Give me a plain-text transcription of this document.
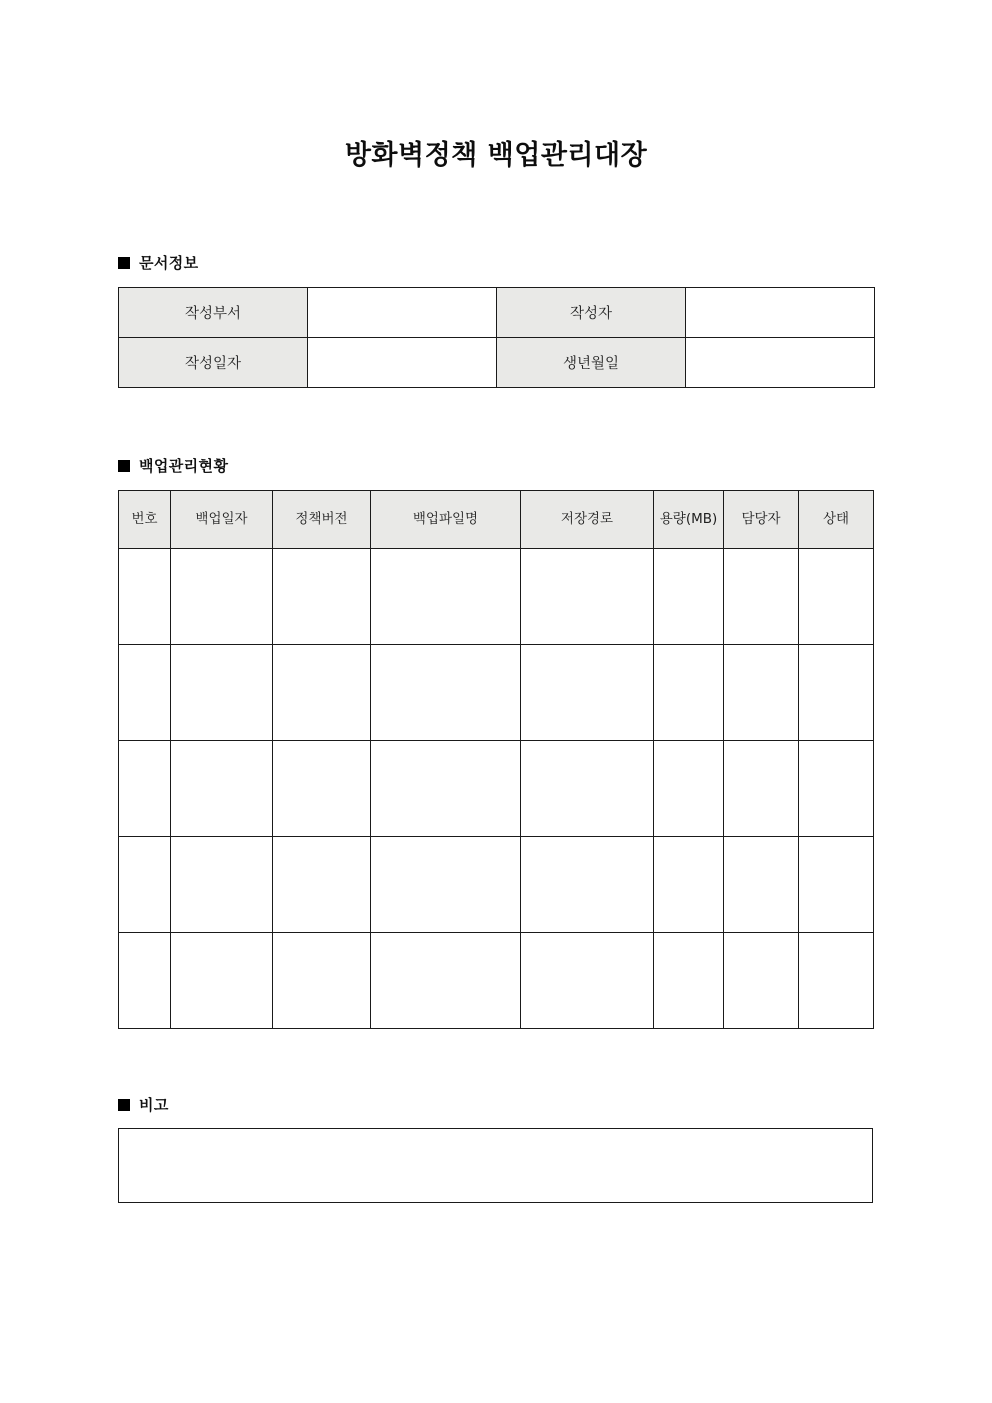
방화벽정책 백업관리대장
문서정보
작성부서		작성자	
작성일자		생년월일	
백업관리현황
번호	백업일자	정책버전	백업파일명	저장경로	용량(MB)	담당자	상태

비고
